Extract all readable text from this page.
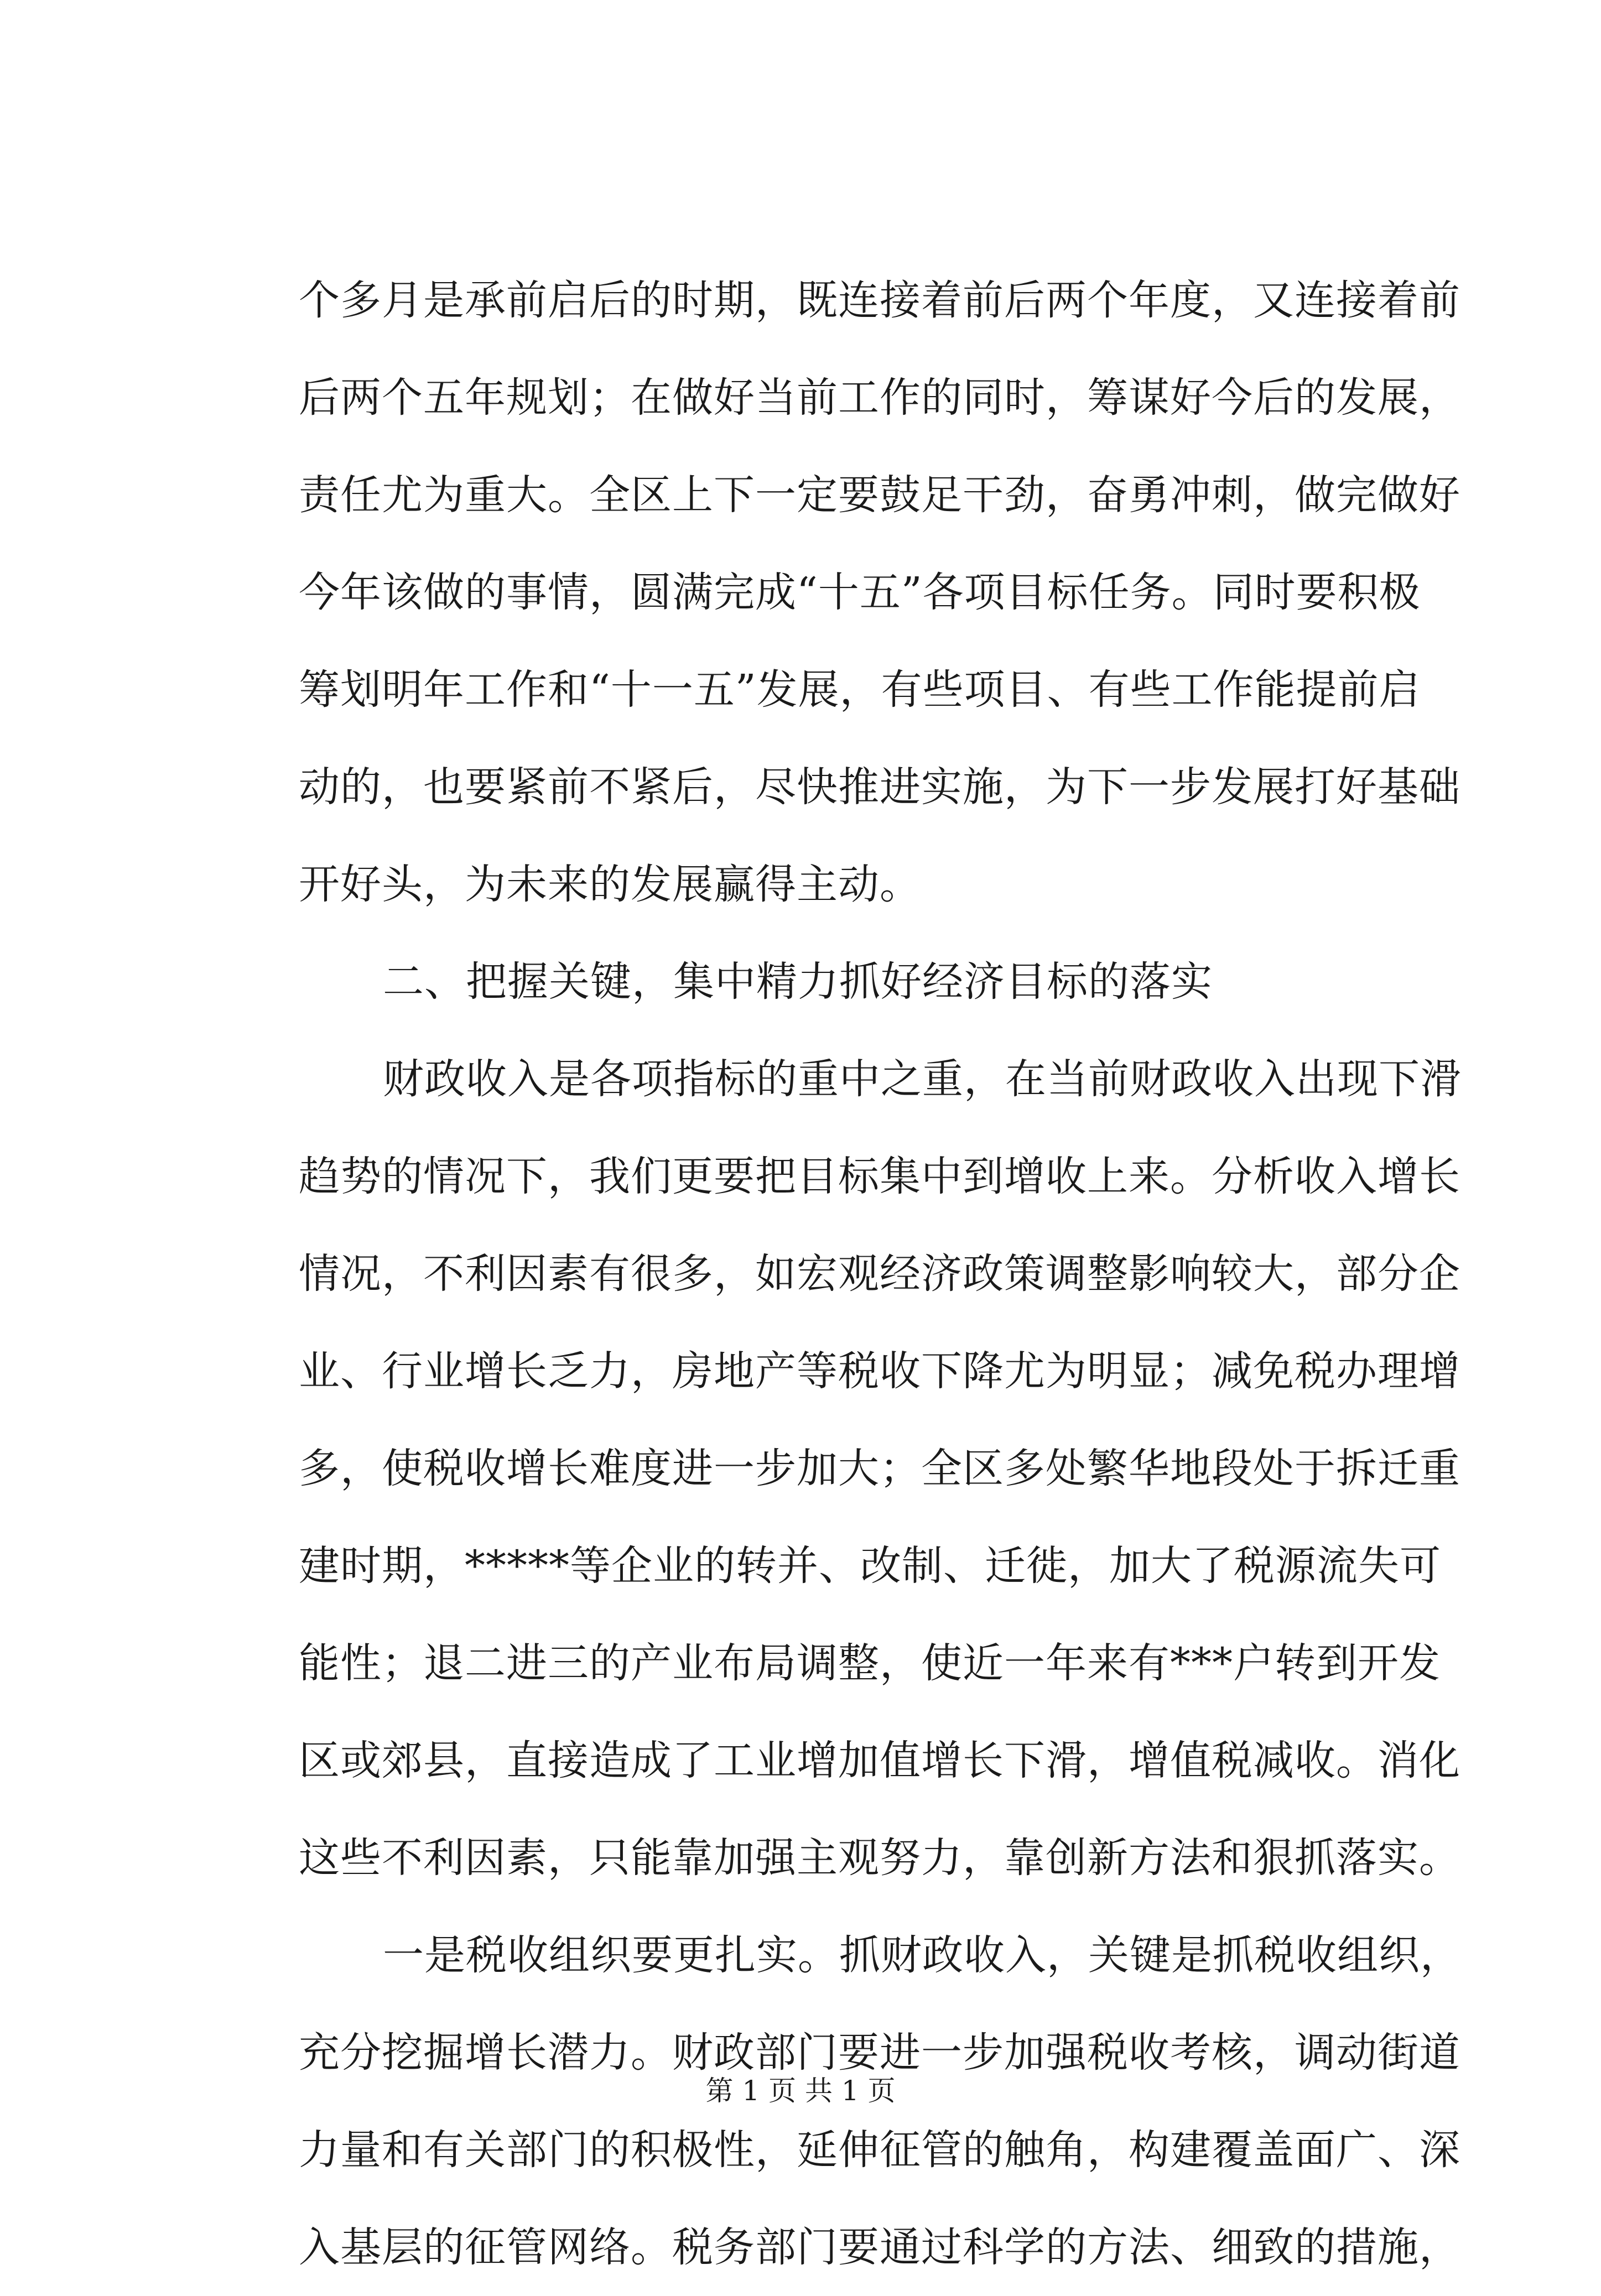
个多月是承前启后的时期，既连接着前后两个年度，又连接着前
后两个五年规划；在做好当前工作的同时，筹谋好今后的发展，
责任尤为重大。全区上下一定要鼓足干劲，奋勇冲刺，做完做好
今年该做的事情，圆满完成“十五”各项目标任务。同时要积极
筹划明年工作和“十一五”发展，有些项目、有些工作能提前启
动的，也要紧前不紧后，尽快推进实施，为下一步发展打好基础
开好头，为未来的发展赢得主动。
二、把握关键，集中精力抓好经济目标的落实
财政收入是各项指标的重中之重，在当前财政收入出现下滑
趋势的情况下，我们更要把目标集中到增收上来。分析收入增长
情况，不利因素有很多，如宏观经济政策调整影响较大，部分企
业、行业增长乏力，房地产等税收下降尤为明显；减免税办理增
多，使税收增长难度进一步加大；全区多处繁华地段处于拆迁重
建时期，*****等企业的转并、改制、迁徙，加大了税源流失可
能性；退二进三的产业布局调整，使近一年来有***户转到开发
区或郊县，直接造成了工业增加值增长下滑，增值税减收。消化
这些不利因素，只能靠加强主观努力，靠创新方法和狠抓落实。
一是税收组织要更扎实。抓财政收入，关键是抓税收组织，
充分挖掘增长潜力。财政部门要进一步加强税收考核，调动街道
力量和有关部门的积极性，延伸征管的触角，构建覆盖面广、深
入基层的征管网络。税务部门要通过科学的方法、细致的措施，
第 1 页 共 1 页
